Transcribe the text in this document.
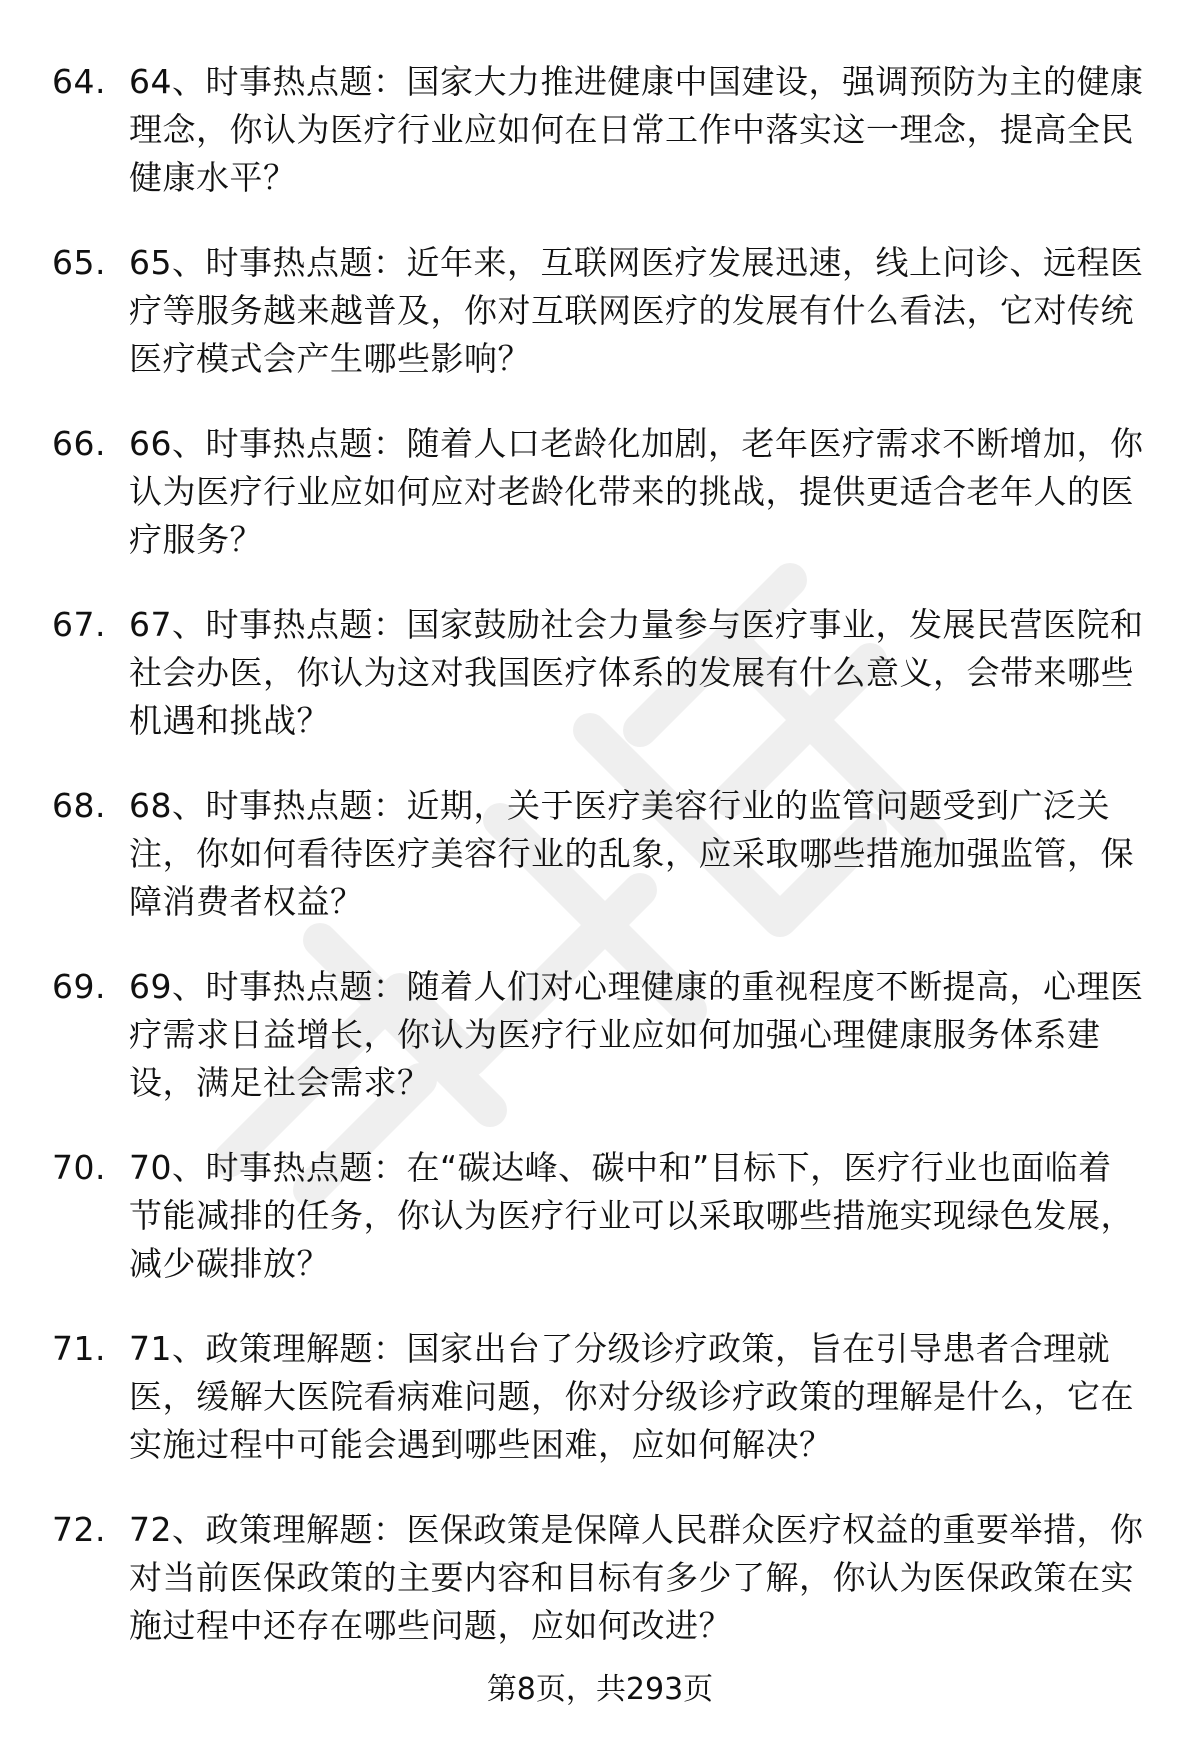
64. 64、时事热点题：国家大力推进健康中国建设，强调预防为主的健康理念，你认为医疗行业应如何在日常工作中落实这一理念，提高全民健康水平？
65. 65、时事热点题：近年来，互联网医疗发展迅速，线上问诊、远程医疗等服务越来越普及，你对互联网医疗的发展有什么看法，它对传统医疗模式会产生哪些影响？
66. 66、时事热点题：随着人口老龄化加剧，老年医疗需求不断增加，你认为医疗行业应如何应对老龄化带来的挑战，提供更适合老年人的医疗服务？
67. 67、时事热点题：国家鼓励社会力量参与医疗事业，发展民营医院和社会办医，你认为这对我国医疗体系的发展有什么意义，会带来哪些机遇和挑战？
68. 68、时事热点题：近期，关于医疗美容行业的监管问题受到广泛关注，你如何看待医疗美容行业的乱象，应采取哪些措施加强监管，保障消费者权益？
69. 69、时事热点题：随着人们对心理健康的重视程度不断提高，心理医疗需求日益增长，你认为医疗行业应如何加强心理健康服务体系建设，满足社会需求？
70. 70、时事热点题：在“碳达峰、碳中和”目标下，医疗行业也面临着节能减排的任务，你认为医疗行业可以采取哪些措施实现绿色发展，减少碳排放？
71. 71、政策理解题：国家出台了分级诊疗政策，旨在引导患者合理就医，缓解大医院看病难问题，你对分级诊疗政策的理解是什么，它在实施过程中可能会遇到哪些困难，应如何解决？
72. 72、政策理解题：医保政策是保障人民群众医疗权益的重要举措，你对当前医保政策的主要内容和目标有多少了解，你认为医保政策在实施过程中还存在哪些问题，应如何改进？
第8页，共293页
